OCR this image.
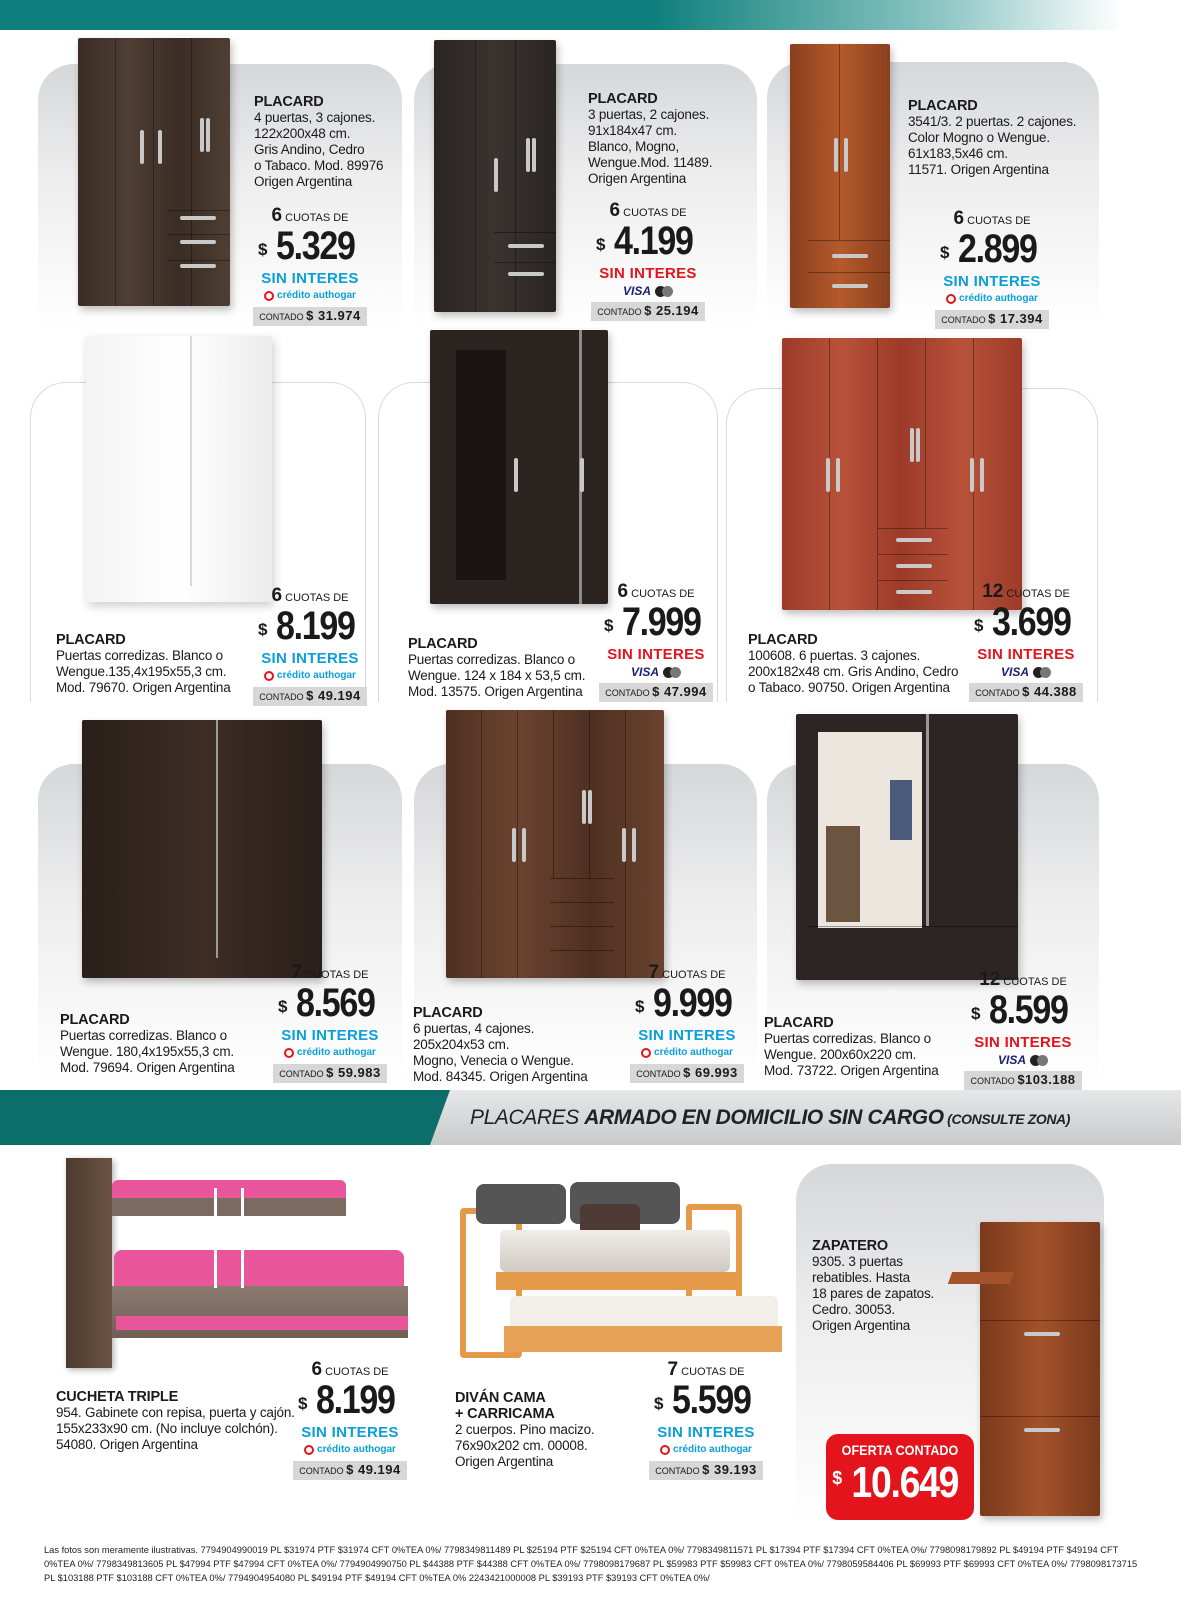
PLACARD
4 puertas, 3 cajones.
122x200x48 cm.
Gris Andino, Cedro
o Tabaco. Mod. 89976
Origen Argentina
6 CUOTAS DE
$ 5.329
SIN INTERES
crédito authogar
CONTADO $ 31.974
PLACARD
3 puertas, 2 cajones.
91x184x47 cm.
Blanco, Mogno,
Wengue.Mod. 11489.
Origen Argentina
6 CUOTAS DE
$ 4.199
SIN INTERES
VISA
CONTADO $ 25.194
PLACARD
3541/3. 2 puertas. 2 cajones.
Color Mogno o Wengue.
61x183,5x46 cm.
11571. Origen Argentina
6 CUOTAS DE
$ 2.899
SIN INTERES
crédito authogar
CONTADO $ 17.394
PLACARD
Puertas corredizas. Blanco o
Wengue.135,4x195x55,3 cm.
Mod. 79670. Origen Argentina
6 CUOTAS DE
$ 8.199
SIN INTERES
crédito authogar
CONTADO $ 49.194
PLACARD
Puertas corredizas. Blanco o
Wengue. 124 x 184 x 53,5 cm.
Mod. 13575. Origen Argentina
6 CUOTAS DE
$ 7.999
SIN INTERES
VISA
CONTADO $ 47.994
PLACARD
100608. 6 puertas. 3 cajones.
200x182x48 cm. Gris Andino, Cedro
o Tabaco. 90750. Origen Argentina
12 CUOTAS DE
$ 3.699
SIN INTERES
VISA
CONTADO $ 44.388
PLACARD
Puertas corredizas. Blanco o
Wengue. 180,4x195x55,3 cm.
Mod. 79694. Origen Argentina
7 CUOTAS DE
$ 8.569
SIN INTERES
crédito authogar
CONTADO $ 59.983
PLACARD
6 puertas, 4 cajones.
205x204x53 cm.
Mogno, Venecia o Wengue.
Mod. 84345. Origen Argentina
7 CUOTAS DE
$ 9.999
SIN INTERES
crédito authogar
CONTADO $ 69.993
PLACARD
Puertas corredizas. Blanco o
Wengue. 200x60x220 cm.
Mod. 73722. Origen Argentina
12 CUOTAS DE
$ 8.599
SIN INTERES
VISA
CONTADO $103.188
PLACARES ARMADO EN DOMICILIO SIN CARGO (CONSULTE ZONA)
CUCHETA TRIPLE
954. Gabinete con repisa, puerta y cajón.
155x233x90 cm. (No incluye colchón).
54080. Origen Argentina
6 CUOTAS DE
$ 8.199
SIN INTERES
crédito authogar
CONTADO $ 49.194
DIVÁN CAMA
+ CARRICAMA
2 cuerpos. Pino macizo.
76x90x202 cm. 00008.
Origen Argentina
7 CUOTAS DE
$ 5.599
SIN INTERES
crédito authogar
CONTADO $ 39.193
ZAPATERO
9305. 3 puertas
rebatibles. Hasta
18 pares de zapatos.
Cedro. 30053.
Origen Argentina
OFERTA CONTADO
$ 10.649
Las fotos son meramente ilustrativas. 7794904990019 PL $31974 PTF $31974 CFT 0%TEA 0%/ 7798349811489 PL $25194 PTF $25194 CFT 0%TEA 0%/ 7798349811571 PL $17394 PTF $17394 CFT 0%TEA 0%/ 7798098179892 PL $49194 PTF $49194 CFT 0%TEA 0%/ 7798349813605 PL $47994 PTF $47994 CFT 0%TEA 0%/ 7794904990750 PL $44388 PTF $44388 CFT 0%TEA 0%/ 7798098179687 PL $59983 PTF $59983 CFT 0%TEA 0%/ 7798059584406 PL $69993 PTF $69993 CFT 0%TEA 0%/ 7798098173715 PL $103188 PTF $103188 CFT 0%TEA 0%/ 7794904954080 PL $49194 PTF $49194 CFT 0%TEA 0% 2243421000008 PL $39193 PTF $39193 CFT 0%TEA 0%/
